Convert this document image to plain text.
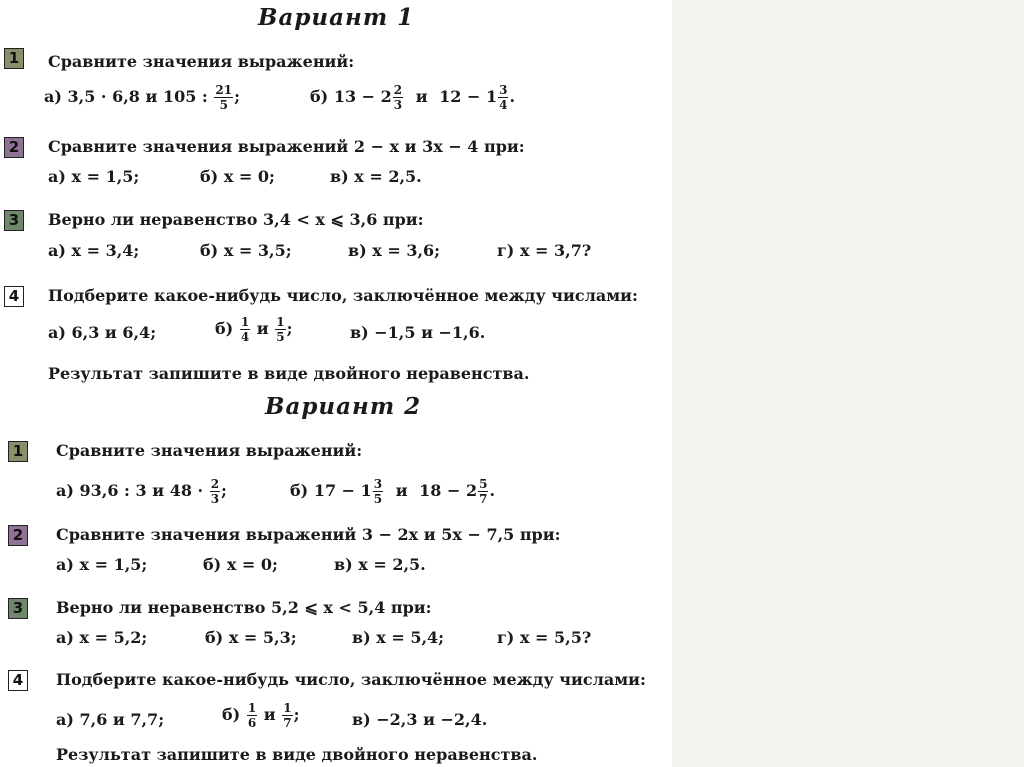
Вариант 1
1 Сравните значения выражений:
а) 3,5 · 6,8 и 105 : $\frac{21}{5}$ ;	б) $13 - 2 \frac{2}{3}$ и $12 - 1 \frac{3}{4}$ .
2 Сравните значения выражений 2 − x и 3x − 4 при:
а) x = 1,5;	б) x = 0;	в) x = 2,5.
3 Верно ли неравенство 3,4 < x ⩽ 3,6 при:
а) x = 3,4;	б) x = 3,5;	в) x = 3,6;	г) x = 3,7?
4 Подберите какое-нибудь число, заключённое между числами:
а) 6,3 и 6,4;	$б) \frac{1}{4}$ и $\frac{1}{5}$ ;	в) −1,5 и −1,6.
Результат запишите в виде двойного неравенства.
Вариант 2
1 Сравните значения выражений:
а) 93,6 : 3 и $48 \cdot \frac{2}{3}$ ;	б) $17 - 1 \frac{3}{5}$ и $18 - 2 \frac{5}{7}$ .
2 Сравните значения выражений 3 − 2x и 5x − 7,5 при:
а) x = 1,5;	б) x = 0;	в) x = 2,5.
3 Верно ли неравенство 5,2 ⩽ x < 5,4 при:
а) x = 5,2;	б) x = 5,3;	в) x = 5,4;	г) x = 5,5?
4 Подберите какое-нибудь число, заключённое между числами:
а) 7,6 и 7,7;	$б) \frac{1}{6}$ и $\frac{1}{7}$ ;	в) −2,3 и −2,4.
Результат запишите в виде двойного неравенства.
